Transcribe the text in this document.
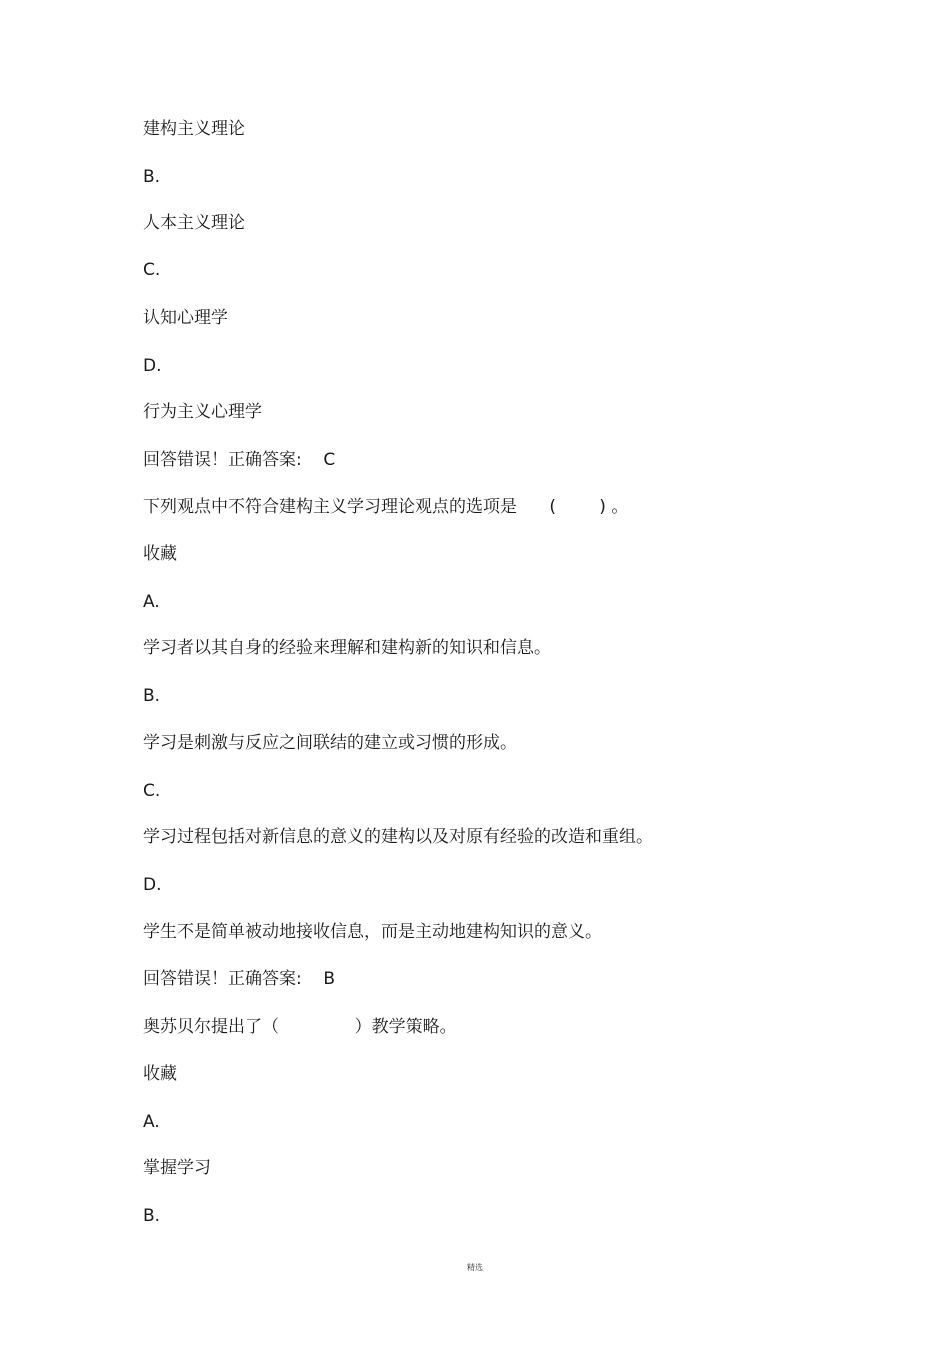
建构主义理论
B.
人本主义理论
C.
认知心理学
D.
行为主义心理学
回答错误！正确答案:    C
下列观点中不符合建构主义学习理论观点的选项是      (        ) 。
收藏
A.
学习者以其自身的经验来理解和建构新的知识和信息。
B.
学习是刺激与反应之间联结的建立或习惯的形成。
C.
学习过程包括对新信息的意义的建构以及对原有经验的改造和重组。
D.
学生不是简单被动地接收信息，而是主动地建构知识的意义。
回答错误！正确答案:    B
奥苏贝尔提出了（              ）教学策略。
收藏
A.
掌握学习
B.
精选
